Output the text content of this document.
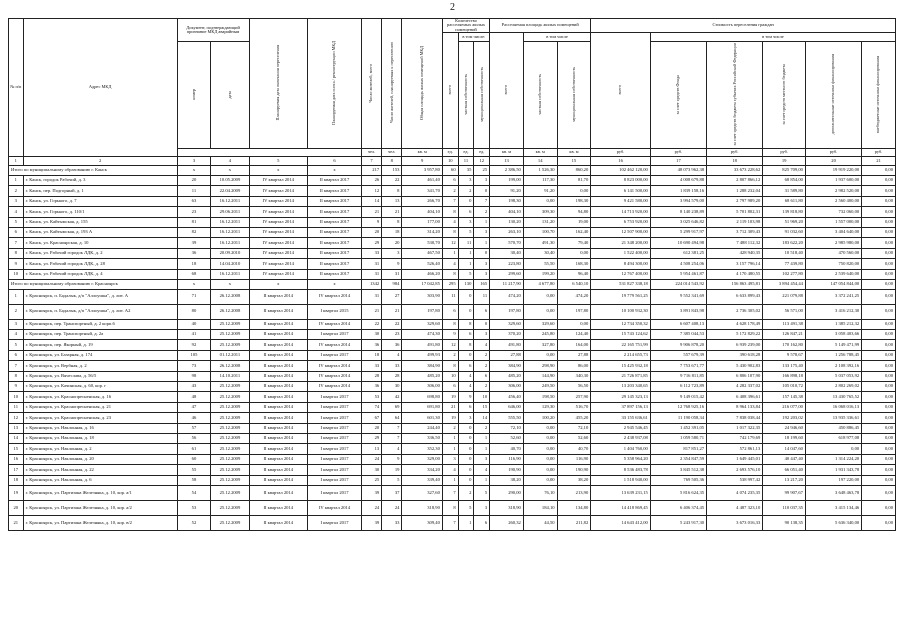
2
№ п/п	Адрес МКД	Документ, подтверждающий признание МКД аварийным		Планируемая дата окончания переселения	Планируемая дата сноса / реконструкции МКД	Число жителей, всего	Число жителей, планируемых к переселению	Общая площадь жилых помещений МКД	Количество расселяемых жилых помещений			Расселяемая площадь жилых помещений			Стоимость переселения граждан					
									всего	в том числе:		всего	в том числе		всего	в том числе				
		номер	дата							частная собственность	муниципальная собственность		частная собственность	муниципальная собственность		за счет средств Фонда	за счет средств бюджета субъекта Российской Федерации	за счет средств местного бюджета	дополнительные источники финансирования	внебюджетные источники финансирования
						чел.	чел.	кв. м	ед.	ед.	ед.	кв. м	кв. м	кв. м	руб.	руб.	руб.	руб.	руб.	руб.
1	2	3	4	5	6	7	8	9	10	11	12	13	14	15	16	17	18	19	20	21
Итого по муниципальному образованию г. Канск		х	х	х	х	217	153	3 957,80	60	35	25	2 386,50	1 526,30	860,20	102 462 120,00	48 073 962,38	33 673 228,62	825 709,00	19 919 220,00	0,00
1	г. Канск, городок Рабочий, д. 3	20	10.05.2009	IV квартал 2014	II квартал 2017	26	22	461,40	6	3	3	199,00	117,30	81,70	8 823 000,00	4 008 679,88	2 807 866,12	68 854,00	1 937 600,00	0,00
2	г. Канск, пер. Подгорный, д. 1	11	22.04.2009	IV квартал 2014	II квартал 2017	12	8	341,70	2	2	0	91,20	91,20	0,00	6 141 500,00	1 839 158,16	1 288 232,04	31 589,80	2 982 520,00	0,00
3	г. Канск, ул. Горького, д. 7	63	16.12.2011	IV квартал 2014	II квартал 2017	14	13	266,70	7	0	7	198,30	0,00	198,30	9 421 580,00	3 994 579,00	2 797 989,20	68 611,80	2 560 400,00	0,00
4	г. Канск, ул. Горького, д. 110/1	23	29.06.2011	IV квартал 2014	II квартал 2017	21	21	404,10	8	6	2	404,10	309,30	94,80	14 713 920,00	8 140 238,89	5 701 802,31	139 818,80	732 060,00	0,00
5	г. Канск, ул. Кайтымская, д. 155	81	16.12.2011	IV квартал 2014	II квартал 2017	9	8	177,00	4	3	1	130,20	131,20	19,00	6 753 920,00	3 025 646,82	2 119 103,98	51 969,20	1 557 000,00	0,00
6	г. Канск, ул. Кайтымская, д. 193 А	82	16.12.2011	IV квартал 2014	II квартал 2017	20	18	314,20	8	5	3	263,10	100,70	162,40	12 507 900,00	5 299 917,97	3 712 309,43	91 032,60	3 404 640,00	0,00
7	г. Канск, ул. Красноярская, д. 10	39	16.12.2011	IV квартал 2014	II квартал 2017	29	20	530,70	12	11	1	570,70	491,30	79,40	21 348 200,00	10 690 494,98	7 488 112,32	183 622,20	2 985 980,00	0,00
8	г. Канск, ул. Рабочий городок ЛДК, д. 2	36	20.09.2010	IV квартал 2014	II квартал 2017	33	3	467,50	1	1	0	30,40	30,40	0,00	1 522 400,00	612 381,25	428 940,35	10 518,40	470 560,00	0,00
9	г. Канск, ул. Рабочий городок ЛДК, д. 28	18	14.04.2010	IV квартал 2014	II квартал 2017	31	9	526,40	4	1	3	223,80	55,50	168,30	8 494 300,00	4 508 254,06	3 157 796,14	77 439,80	750 820,00	0,00
10	г. Канск, ул. Рабочий городок ЛДК, д. 4	68	16.12.2011	IV квартал 2014	II квартал 2017	31	31	466,20	8	5	3	299,60	199,20	96,40	12 767 400,00	5 954 461,87	4 170 480,55	102 277,80	2 539 640,00	0,00
Итого по муниципальному образованию г. Красноярск		х	х	х	х	1342	984	17 042,85	295	130	165	11 217,90	4 677,80	6 540,10	531 827 338,18	224 014 543,92	156 863 495,81	3 894 454,44	147 054 844,00	0,00
1	г. Красноярск, п. Бадалык, д/п "Аллоушка", д. лит. А	71	26.12.2008	II квартал 2014	IV квартал 2014	31	27	303,90	11	0	11	474,20	0,00	474,20	19 779 561,25	9 552 341,69	6 633 899,43	221 079,88	3 372 241,25	0,00
2	г. Красноярск, п. Бадалык, д/п "Аллоушка", д. лит. А2	80	26.12.2008	II квартал 2014	I квартал 2015	21	21	197,80	6	0	6	197,80	0,00	197,80	10 100 932,30	3 891 843,98	2 736 305,02	56 571,00	3 416 212,30	0,00
3	г. Красноярск, пер. Транспортный, д. 2 корп.6	40	25.12.2009	II квартал 2014	IV квартал 2014	22	22	329,60	8	8	0	329,60	329,60	0,00	12 734 350,32	6 607 408,13	4 628 178,49	113 491,38	1 385 212,32	0,00
4	г. Красноярск, пер. Транспортный, д. 2а	41	25.12.2009	II квартал 2014	I квартал 2017	30	23	474,30	9	6	3	370,20	245,80	124,40	15 743 124,62	7 385 044,53	5 172 829,22	126 847,21	3 058 403,66	0,00
5	г. Красноярск, пер. Якорный, д. 19	92	25.12.2009	II квартал 2014	IV квартал 2014	36	36	491,80	12	8	4	491,80	327,80	164,00	22 165 751,99	9 906 878,20	6 939 239,00	170 162,80	5 149 471,99	0,00
6	г. Красноярск, ул. Базарная, д. 174	105	01.12.2011	II квартал 2014	I квартал 2017	18	4	499,93	2	0	2	27,88	0,00	27,88	2 214 655,73	557 679,39	390 618,28	9 578,67	1 256 788,45	0,00
7	г. Красноярск, ул. Вербная, д. 2	73	26.12.2008	II квартал 2014	IV квартал 2014	33	33	384,90	8	6	2	384,90	298,90	86,00	15 425 932,18	7 753 671,77	5 430 902,83	133 175,40	2 108 392,16	0,00
8	г. Красноярск, ул. Вячеслава, д. 56/5	98	14.10.2011	II квартал 2014	IV квартал 2014	28	28	485,20	10	4	6	485,20	144,90	340,30	21 726 871,85	9 716 811,85	6 806 107,90	166 898,18	5 037 053,92	0,00
9	г. Красноярск, ул. Качинская, д. 60, кор. г	43	25.12.2009	II квартал 2014	IV квартал 2014	36	30	306,00	6	4	2	306,00	249,50	56,50	13 203 340,65	6 112 723,89	4 282 337,02	105 010,72	2 802 269,02	0,00
10	г. Красноярск, ул. Краснопресненская, д. 16	48	25.12.2009	II квартал 2014	I квартал 2017	53	42	698,80	19	9	10	456,40	198,50	257,90	29 145 323,13	9 149 015,42	6 408 396,61	157 145,38	13 430 765,52	0,00
11	г. Красноярск, ул. Краснопресненская, д. 21	47	25.12.2009	II квартал 2014	I квартал 2017	74	69	691,80	21	6	15	646,00	129,30	516,70	37 897 156,13	12 768 925,16	8 964 133,84	216 077,00	16 068 016,13	0,00
12	г. Красноярск, ул. Краснопресненская, д. 23	46	25.12.2009	II квартал 2014	I квартал 2017	67	64	601,30	19	3	14	555,50	100,20	455,20	33 155 636,61	11 190 058,34	7 838 038,44	192 203,02	13 935 336,61	0,00
13	г. Красноярск, ул. Наклонная, д. 16	57	25.12.2009	II квартал 2014	I квартал 2017	20	7	244,40	2	0	2	72,10	0,00	72,10	2 945 546,45	1 452 391,05	1 017 322,35	24 946,60	450 886,45	0,00
14	г. Красноярск, ул. Наклонная, д. 18	56	25.12.2009	II квартал 2014	I квартал 2017	29	7	336,50	1	0	1	52,60	0,00	52,60	2 438 937,08	1 059 580,71	742 179,69	18 199,60	618 977,08	0,00
15	г. Красноярск, ул. Наклонная, д. 2	61	25.12.2009	II квартал 2014	I квартал 2017	13	4	352,30	1	0	1	40,70	0,00	40,70	1 404 760,00	817 851,27	572 861,13	14 047,60	0,00	0,00
16	г. Красноярск, ул. Наклонная, д. 20	60	25.12.2009	II квартал 2014	I квартал 2017	24	9	329,00	3	0	3	116,90	0,00	116,90	5 358 964,20	2 354 847,59	1 649 445,01	40 447,40	1 314 224,20	0,00
17	г. Красноярск, ул. Наклонная, д. 22	55	25.12.2009	II квартал 2014	I квартал 2017	30	19	334,20	4	0	4	190,90	0,00	190,90	8 536 483,78	3 845 512,38	2 693 576,10	66 051,40	1 931 343,78	0,00
18	г. Красноярск, ул. Наклонная, д. 6	58	25.12.2009	II квартал 2014	I квартал 2017	25	5	339,40	1	0	1	38,20	0,00	38,20	1 518 940,00	769 505,36	538 997,42	13 217,20	197 220,00	0,00
19	г. Красноярск, ул. Партизана Железняка, д. 10, кор. а/1	54	25.12.2009	II квартал 2014	I квартал 2017	39	37	327,60	7	2	5	290,00	76,10	213,90	13 639 231,15	5 816 624,35	4 074 235,35	99 907,67	3 648 463,78	0,00
20	г. Красноярск, ул. Партизана Железняка, д. 10, кор. а/2	53	25.12.2009	II квартал 2014	IV квартал 2014	24	24	318,90	8	5	3	318,90	184,10	134,80	14 418 869,45	6 406 374,45	4 487 323,10	110 037,35	3 415 134,46	0,00
21	г. Красноярск, ул. Партизана Железняка, д. 10, кор. в/2	52	25.12.2009	II квартал 2014	I квартал 2017	39	33	309,40	7	1	6	260,32	44,50	211,82	14 643 412,00	5 243 917,30	3 673 016,33	90 138,35	5 636 340,00	0,00
